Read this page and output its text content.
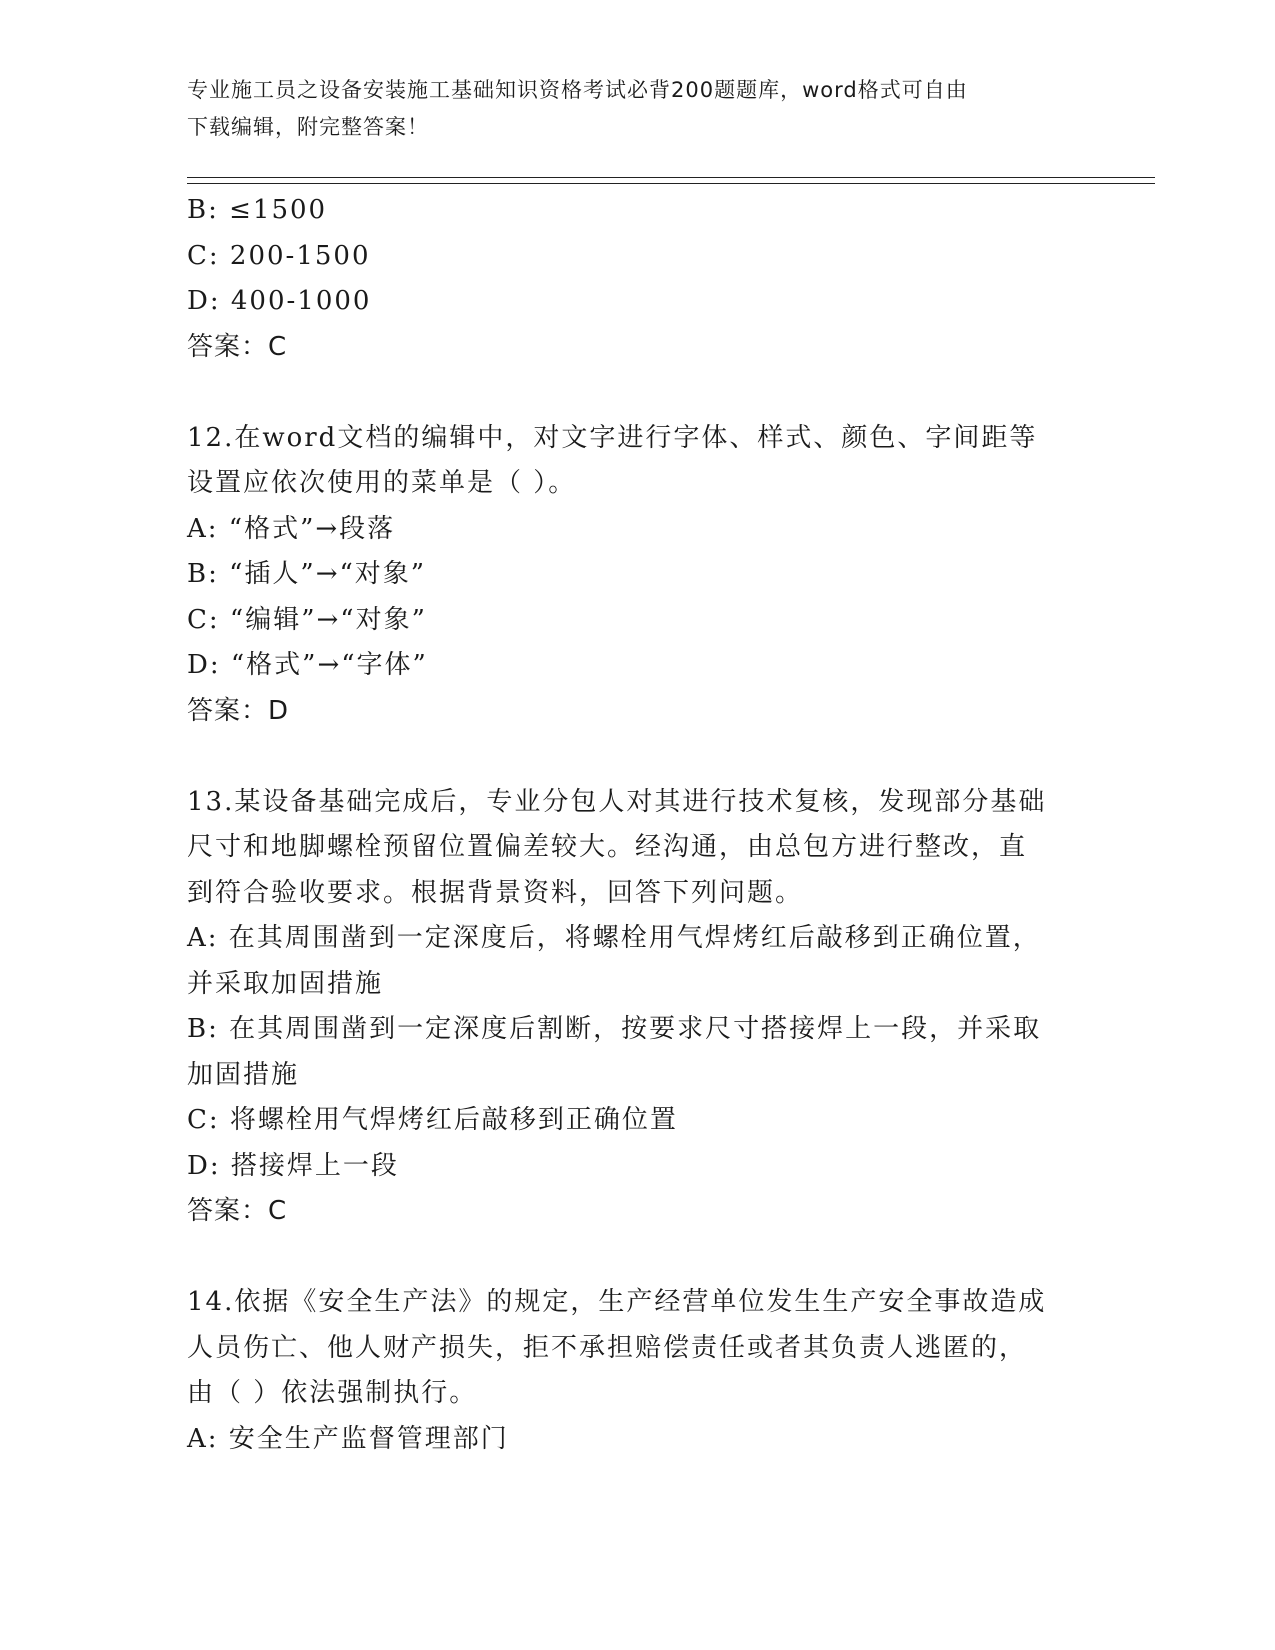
专业施工员之设备安装施工基础知识资格考试必背200题题库，word格式可自由
下载编辑，附完整答案！
B: ≤1500
C: 200-1500
D: 400-1000
答案：C
12.在word文档的编辑中，对文字进行字体、样式、颜色、字间距等
设置应依次使用的菜单是（ ）。
A: “格式”→段落
B: “插人”→“对象”
C: “编辑”→“对象”
D: “格式”→“字体”
答案：D
13.某设备基础完成后，专业分包人对其进行技术复核，发现部分基础
尺寸和地脚螺栓预留位置偏差较大。经沟通，由总包方进行整改，直
到符合验收要求。根据背景资料，回答下列问题。
A: 在其周围凿到一定深度后，将螺栓用气焊烤红后敲移到正确位置，
并采取加固措施
B: 在其周围凿到一定深度后割断，按要求尺寸搭接焊上一段，并采取
加固措施
C: 将螺栓用气焊烤红后敲移到正确位置
D: 搭接焊上一段
答案：C
14.依据《安全生产法》的规定，生产经营单位发生生产安全事故造成
人员伤亡、他人财产损失，拒不承担赔偿责任或者其负责人逃匿的，
由（ ）依法强制执行。
A: 安全生产监督管理部门
